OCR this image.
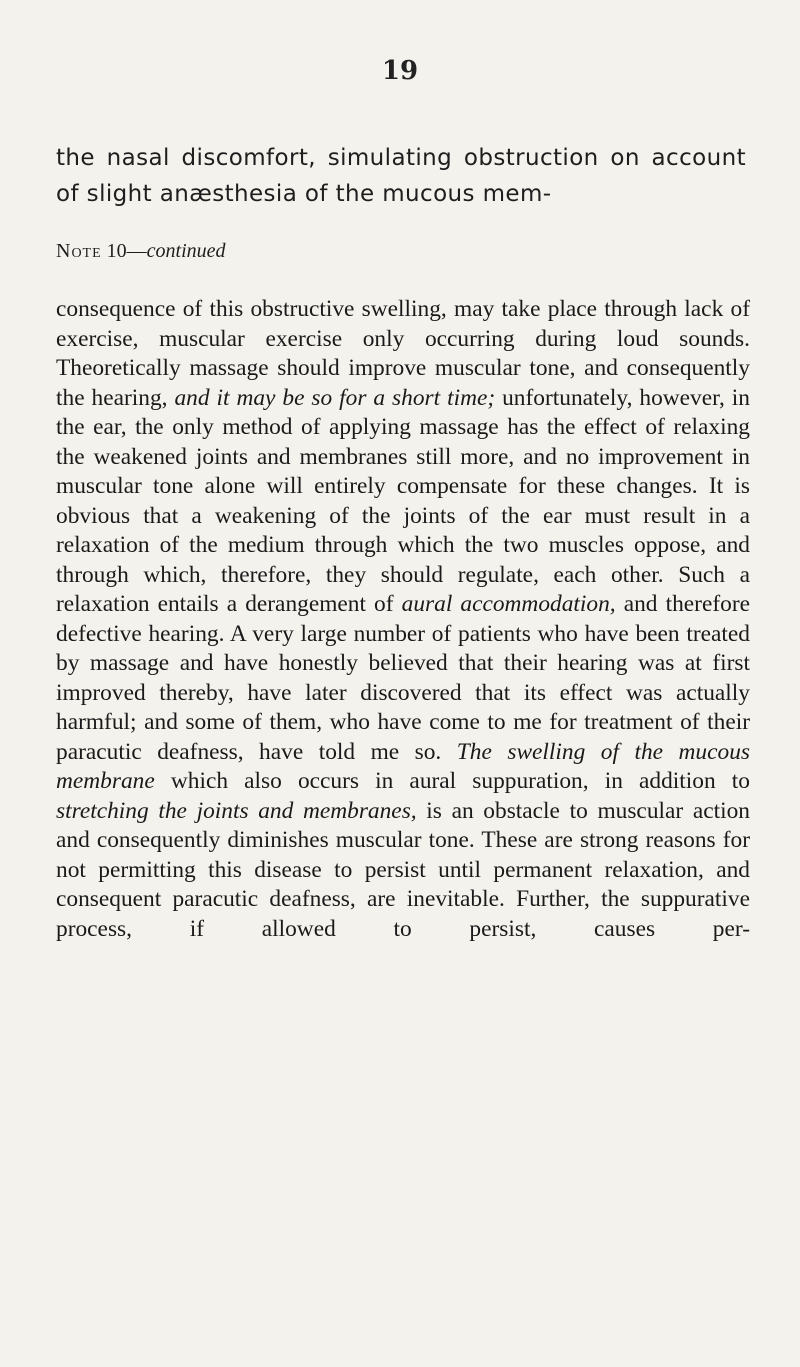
19

the nasal discomfort, simulating obstruction on account of slight anæsthesia of the mucous mem-

Note 10—continued

consequence of this obstructive swelling, may take place through lack of exercise, muscular exercise only occurring during loud sounds. Theoretically massage should improve muscular tone, and consequently the hearing, and it may be so for a short time; unfortunately, however, in the ear, the only method of applying massage has the effect of relaxing the weakened joints and membranes still more, and no improvement in muscular tone alone will entirely compensate for these changes. It is obvious that a weakening of the joints of the ear must result in a relaxation of the medium through which the two muscles oppose, and through which, therefore, they should regulate, each other. Such a relaxation entails a derangement of aural accommodation, and therefore defective hearing. A very large number of patients who have been treated by massage and have honestly believed that their hearing was at first improved thereby, have later discovered that its effect was actually harmful; and some of them, who have come to me for treatment of their paracutic deafness, have told me so. The swelling of the mucous membrane which also occurs in aural suppuration, in addition to stretching the joints and membranes, is an obstacle to muscular action and consequently diminishes muscular tone. These are strong reasons for not permitting this disease to persist until permanent relaxation, and consequent paracutic deafness, are inevitable. Further, the suppurative process, if allowed to persist, causes per-
